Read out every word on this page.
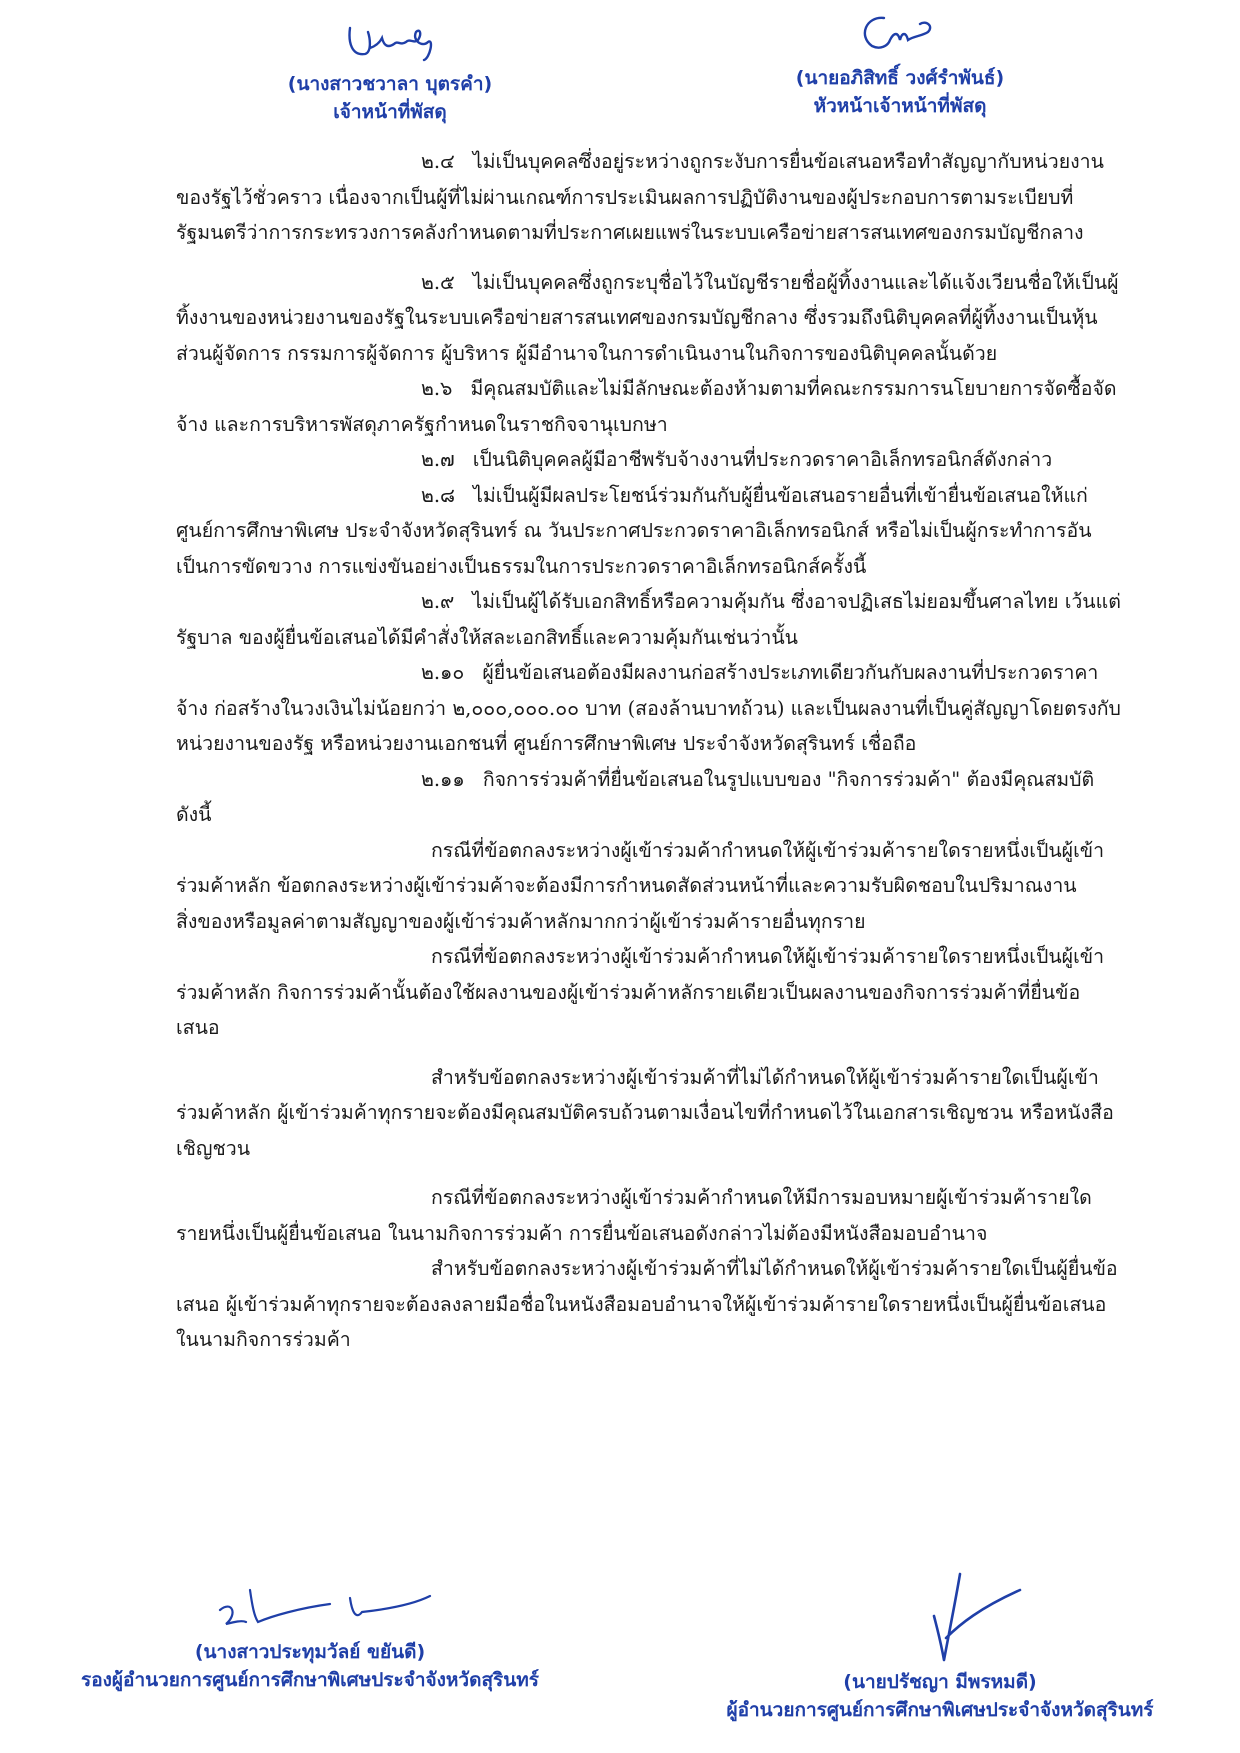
(นางสาวชวาลา บุตรคำ)
เจ้าหน้าที่พัสดุ
(นายอภิสิทธิ์ วงศ์รำพันธ์)
หัวหน้าเจ้าหน้าที่พัสดุ

๒.๔ ไม่เป็นบุคคลซึ่งอยู่ระหว่างถูกระงับการยื่นข้อเสนอหรือทำสัญญากับหน่วยงานของรัฐไว้ชั่วคราว เนื่องจากเป็นผู้ที่ไม่ผ่านเกณฑ์การประเมินผลการปฏิบัติงานของผู้ประกอบการตามระเบียบที่รัฐมนตรีว่าการกระทรวงการคลังกำหนดตามที่ประกาศเผยแพร่ในระบบเครือข่ายสารสนเทศของกรมบัญชีกลาง

๒.๕ ไม่เป็นบุคคลซึ่งถูกระบุชื่อไว้ในบัญชีรายชื่อผู้ทิ้งงานและได้แจ้งเวียนชื่อให้เป็นผู้ทิ้งงานของหน่วยงานของรัฐในระบบเครือข่ายสารสนเทศของกรมบัญชีกลาง ซึ่งรวมถึงนิติบุคคลที่ผู้ทิ้งงานเป็นหุ้นส่วนผู้จัดการ กรรมการผู้จัดการ ผู้บริหาร ผู้มีอำนาจในการดำเนินงานในกิจการของนิติบุคคลนั้นด้วย

๒.๖ มีคุณสมบัติและไม่มีลักษณะต้องห้ามตามที่คณะกรรมการนโยบายการจัดซื้อจัดจ้าง และการบริหารพัสดุภาครัฐกำหนดในราชกิจจานุเบกษา

๒.๗ เป็นนิติบุคคลผู้มีอาชีพรับจ้างงานที่ประกวดราคาอิเล็กทรอนิกส์ดังกล่าว

๒.๘ ไม่เป็นผู้มีผลประโยชน์ร่วมกันกับผู้ยื่นข้อเสนอรายอื่นที่เข้ายื่นข้อเสนอให้แก่ ศูนย์การศึกษาพิเศษ ประจำจังหวัดสุรินทร์ ณ วันประกาศประกวดราคาอิเล็กทรอนิกส์ หรือไม่เป็นผู้กระทำการอันเป็นการขัดขวาง การแข่งขันอย่างเป็นธรรมในการประกวดราคาอิเล็กทรอนิกส์ครั้งนี้

๒.๙ ไม่เป็นผู้ได้รับเอกสิทธิ์หรือความคุ้มกัน ซึ่งอาจปฏิเสธไม่ยอมขึ้นศาลไทย เว้นแต่รัฐบาล ของผู้ยื่นข้อเสนอได้มีคำสั่งให้สละเอกสิทธิ์และความคุ้มกันเช่นว่านั้น

๒.๑๐ ผู้ยื่นข้อเสนอต้องมีผลงานก่อสร้างประเภทเดียวกันกับผลงานที่ประกวดราคาจ้าง ก่อสร้างในวงเงินไม่น้อยกว่า ๒,๐๐๐,๐๐๐.๐๐ บาท (สองล้านบาทถ้วน) และเป็นผลงานที่เป็นคู่สัญญาโดยตรงกับหน่วยงานของรัฐ หรือหน่วยงานเอกชนที่ ศูนย์การศึกษาพิเศษ ประจำจังหวัดสุรินทร์ เชื่อถือ

๒.๑๑ กิจการร่วมค้าที่ยื่นข้อเสนอในรูปแบบของ "กิจการร่วมค้า" ต้องมีคุณสมบัติดังนี้

กรณีที่ข้อตกลงระหว่างผู้เข้าร่วมค้ากำหนดให้ผู้เข้าร่วมค้ารายใดรายหนึ่งเป็นผู้เข้าร่วมค้าหลัก ข้อตกลงระหว่างผู้เข้าร่วมค้าจะต้องมีการกำหนดสัดส่วนหน้าที่และความรับผิดชอบในปริมาณงาน สิ่งของหรือมูลค่าตามสัญญาของผู้เข้าร่วมค้าหลักมากกว่าผู้เข้าร่วมค้ารายอื่นทุกราย

กรณีที่ข้อตกลงระหว่างผู้เข้าร่วมค้ากำหนดให้ผู้เข้าร่วมค้ารายใดรายหนึ่งเป็นผู้เข้าร่วมค้าหลัก กิจการร่วมค้านั้นต้องใช้ผลงานของผู้เข้าร่วมค้าหลักรายเดียวเป็นผลงานของกิจการร่วมค้าที่ยื่นข้อเสนอ

สำหรับข้อตกลงระหว่างผู้เข้าร่วมค้าที่ไม่ได้กำหนดให้ผู้เข้าร่วมค้ารายใดเป็นผู้เข้าร่วมค้าหลัก ผู้เข้าร่วมค้าทุกรายจะต้องมีคุณสมบัติครบถ้วนตามเงื่อนไขที่กำหนดไว้ในเอกสารเชิญชวน หรือหนังสือเชิญชวน

กรณีที่ข้อตกลงระหว่างผู้เข้าร่วมค้ากำหนดให้มีการมอบหมายผู้เข้าร่วมค้ารายใดรายหนึ่งเป็นผู้ยื่นข้อเสนอ ในนามกิจการร่วมค้า การยื่นข้อเสนอดังกล่าวไม่ต้องมีหนังสือมอบอำนาจ

สำหรับข้อตกลงระหว่างผู้เข้าร่วมค้าที่ไม่ได้กำหนดให้ผู้เข้าร่วมค้ารายใดเป็นผู้ยื่นข้อเสนอ ผู้เข้าร่วมค้าทุกรายจะต้องลงลายมือชื่อในหนังสือมอบอำนาจให้ผู้เข้าร่วมค้ารายใดรายหนึ่งเป็นผู้ยื่นข้อเสนอ ในนามกิจการร่วมค้า

(นางสาวประทุมวัลย์ ขยันดี)
รองผู้อำนวยการศูนย์การศึกษาพิเศษประจำจังหวัดสุรินทร์	(นายปรัชญา มีพรหมดี)
ผู้อำนวยการศูนย์การศึกษาพิเศษประจำจังหวัดสุรินทร์
